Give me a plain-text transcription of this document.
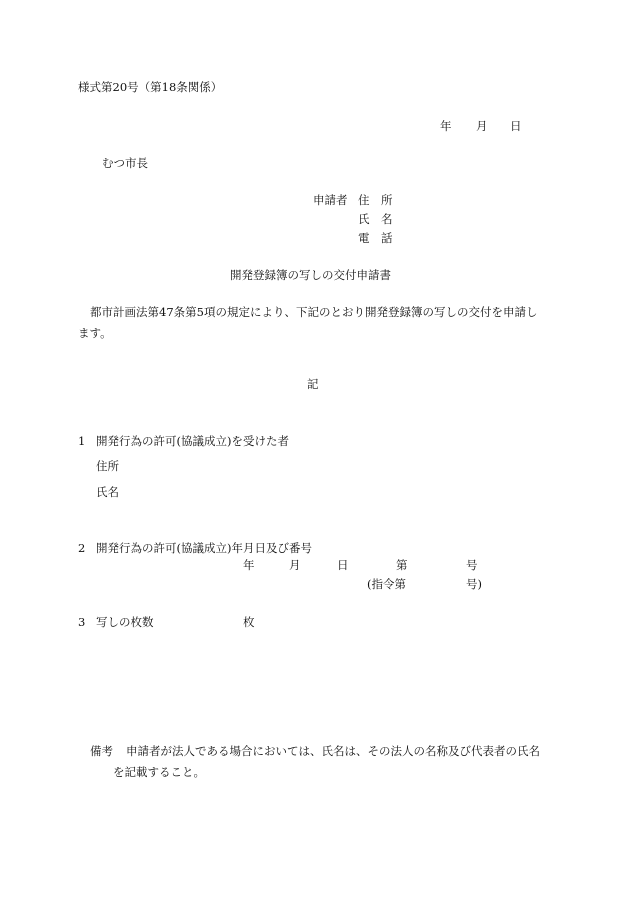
様式第20号（第18条関係）
年 月 日
むつ市長
申請者 住　所
氏　名
電　話
開発登録簿の写しの交付申請書
都市計画法第47条第5項の規定により、下記のとおり開発登録簿の写しの交付を申請します。
記
1 開発行為の許可(協議成立)を受けた者
住所
氏名
2 開発行為の許可(協議成立)年月日及び番号
年	月	日	第	号
(指令第	号)
3 写しの枚数	枚
備考 申請者が法人である場合においては、氏名は、その法人の名称及び代表者の氏名
を記載すること。
